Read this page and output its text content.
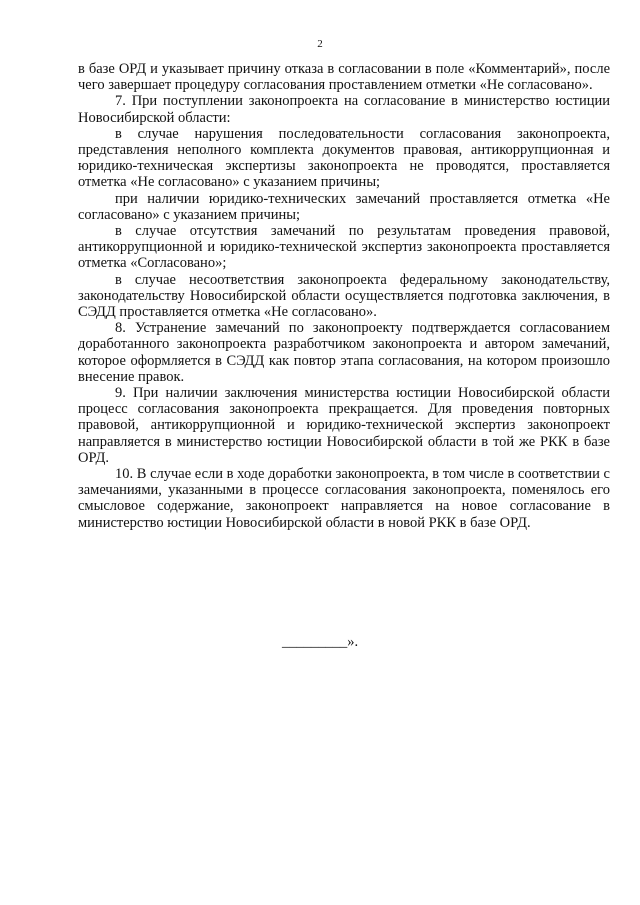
2

в базе ОРД и указывает причину отказа в согласовании в поле «Комментарий», после чего завершает процедуру согласования проставлением отметки «Не согласовано».

7. При поступлении законопроекта на согласование в министерство юстиции Новосибирской области:

в случае нарушения последовательности согласования законопроекта, представления неполного комплекта документов правовая, антикоррупционная и юридико-техническая экспертизы законопроекта не проводятся, проставляется отметка «Не согласовано» с указанием причины;

при наличии юридико-технических замечаний проставляется отметка «Не согласовано» с указанием причины;

в случае отсутствия замечаний по результатам проведения правовой, антикоррупционной и юридико-технической экспертиз законопроекта проставляется отметка «Согласовано»;

в случае несоответствия законопроекта федеральному законодательству, законодательству Новосибирской области осуществляется подготовка заключения, в СЭДД проставляется отметка «Не согласовано».

8. Устранение замечаний по законопроекту подтверждается согласованием доработанного законопроекта разработчиком законопроекта и автором замечаний, которое оформляется в СЭДД как повтор этапа согласования, на котором произошло внесение правок.

9. При наличии заключения министерства юстиции Новосибирской области процесс согласования законопроекта прекращается. Для проведения повторных правовой, антикоррупционной и юридико-технической экспертиз законопроект направляется в министерство юстиции Новосибирской области в той же РКК в базе ОРД.

10. В случае если в ходе доработки законопроекта, в том числе в соответствии с замечаниями, указанными в процессе согласования законопроекта, поменялось его смысловое содержание, законопроект направляется на новое согласование в министерство юстиции Новосибирской области в новой РКК в базе ОРД.

_________».
